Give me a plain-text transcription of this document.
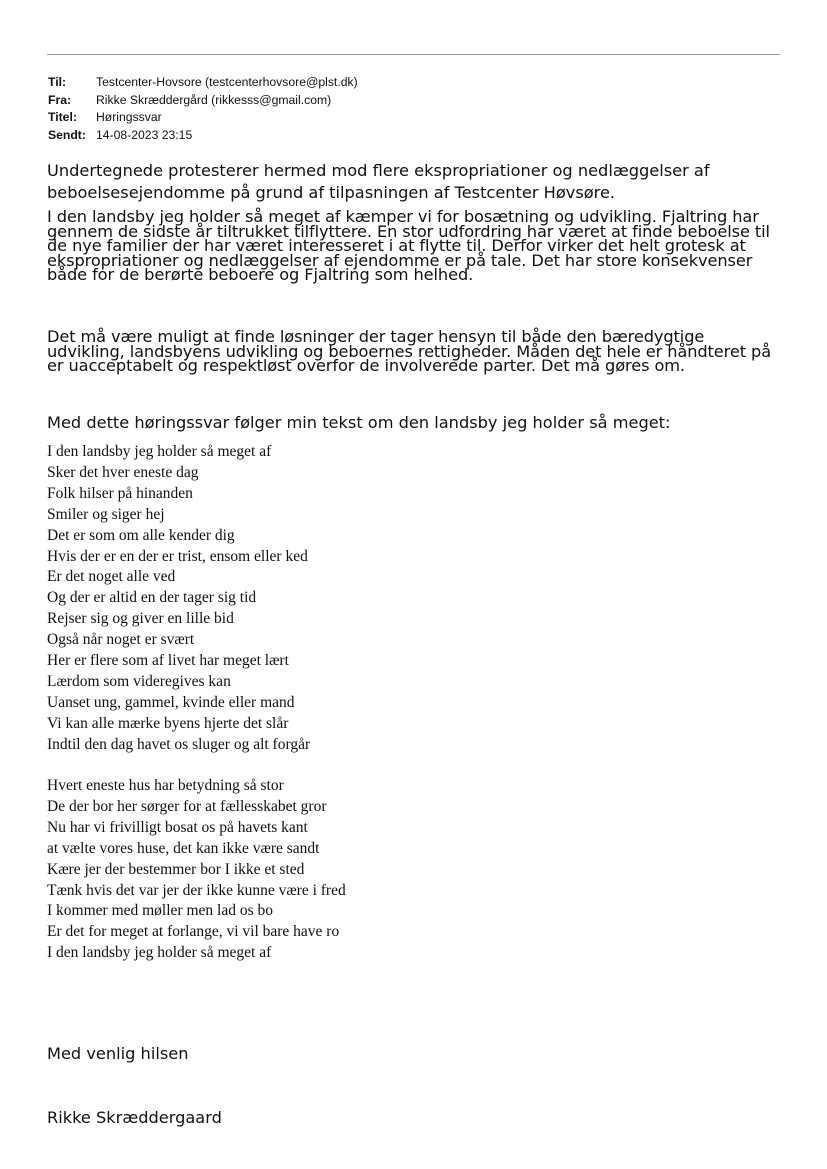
Til:	Testcenter-Hovsore (testcenterhovsore@plst.dk)
Fra:	Rikke Skræddergård (rikkesss@gmail.com)
Titel:	Høringssvar
Sendt: 14-08-2023 23:15
Undertegnede protesterer hermed mod flere ekspropriationer og nedlæggelser af
beboelsesejendomme på grund af tilpasningen af Testcenter Høvsøre.
I den landsby jeg holder så meget af kæmper vi for bosætning og udvikling. Fjaltring har
gennem de sidste år tiltrukket tilflyttere. En stor udfordring har været at finde beboelse til
de nye familier der har været interesseret i at flytte til. Derfor virker det helt grotesk at
ekspropriationer og nedlæggelser af ejendomme er på tale. Det har store konsekvenser
både for de berørte beboere og Fjaltring som helhed.
Det må være muligt at finde løsninger der tager hensyn til både den bæredygtige
udvikling, landsbyens udvikling og beboernes rettigheder. Måden det hele er håndteret på
er uacceptabelt og respektløst overfor de involverede parter. Det må gøres om.
Med dette høringssvar følger min tekst om den landsby jeg holder så meget:
I den landsby jeg holder så meget af
Sker det hver eneste dag
Folk hilser på hinanden
Smiler og siger hej
Det er som om alle kender dig
Hvis der er en der er trist, ensom eller ked
Er det noget alle ved
Og der er altid en der tager sig tid
Rejser sig og giver en lille bid
Også når noget er svært
Her er flere som af livet har meget lært
Lærdom som videregives kan
Uanset ung, gammel, kvinde eller mand
Vi kan alle mærke byens hjerte det slår
Indtil den dag havet os sluger og alt forgår
Hvert eneste hus har betydning så stor
De der bor her sørger for at fællesskabet gror
Nu har vi frivilligt bosat os på havets kant
at vælte vores huse, det kan ikke være sandt
Kære jer der bestemmer bor I ikke et sted
Tænk hvis det var jer der ikke kunne være i fred
I kommer med møller men lad os bo
Er det for meget at forlange, vi vil bare have ro
I den landsby jeg holder så meget af
Med venlig hilsen
Rikke Skræddergaard
